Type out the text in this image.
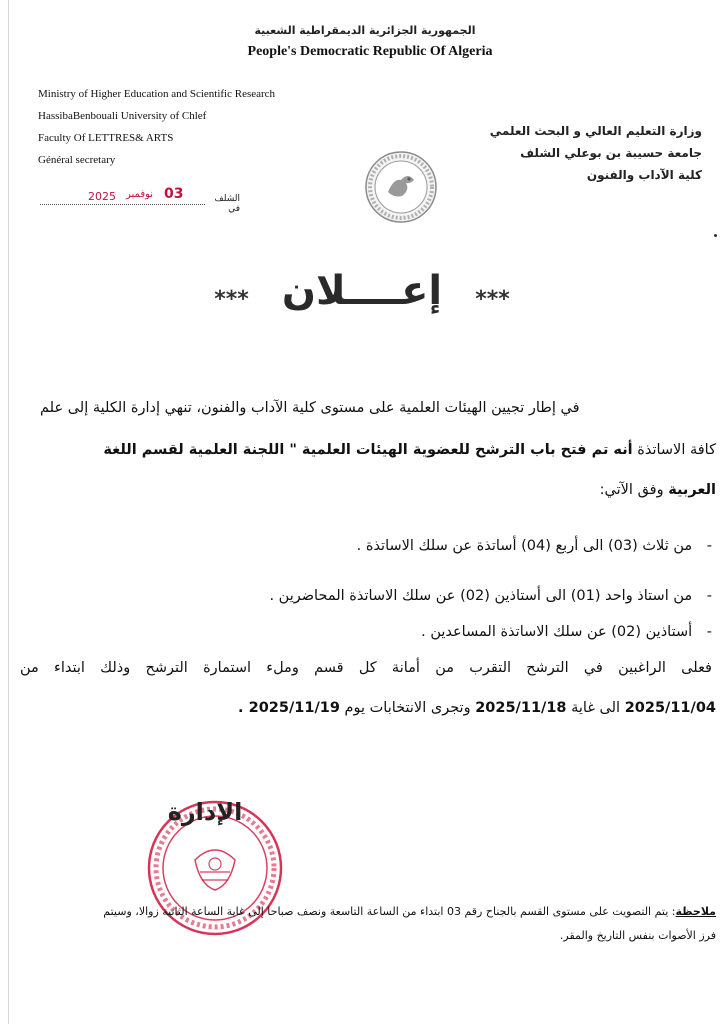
الجمهورية الجزائرية الديمقراطية الشعبية
People's Democratic Republic Of Algeria
Ministry of Higher Education and Scientific Research
HassibaBenbouali University of Chlef
Faculty Of LETTRES& ARTS
Général secretary
وزارة التعليم العالي و البحث العلمي
جامعة حسيبة بن بوعلي الشلف
كلية الآداب والفنون
2025 نوفمبر 03	الشلف في
*** إعــــلان ***
في إطار تجيين الهيئات العلمية على مستوى كلية الآداب والفنون، تنهي إدارة الكلية إلى علم
كافة الاساتذة أنه تم فتح باب الترشح للعضوية الهيئات العلمية " اللجنة العلمية لقسم اللغة
العربية وفق الآتي:
- من ثلاث (03) الى أربع (04) أساتذة عن سلك الاساتذة .
- من استاذ واحد (01) الى أستاذين (02) عن سلك الاساتذة المحاضرين .
- أستاذين (02) عن سلك الاساتذة المساعدين .
فعلى الراغبين في الترشح التقرب من أمانة كل قسم وملء استمارة الترشح وذلك ابتداء من
2025/11/04 الى غاية 2025/11/18 وتجرى الانتخابات يوم 2025/11/19 .
الإدارة
ملاحظة: يتم التصويت على مستوى القسم بالجناح رقم 03 ابتداء من الساعة التاسعة ونصف صباحا إلى غاية الساعة الثانية زوالا، وسيتم
فرز الأصوات بنفس التاريخ والمقر.
